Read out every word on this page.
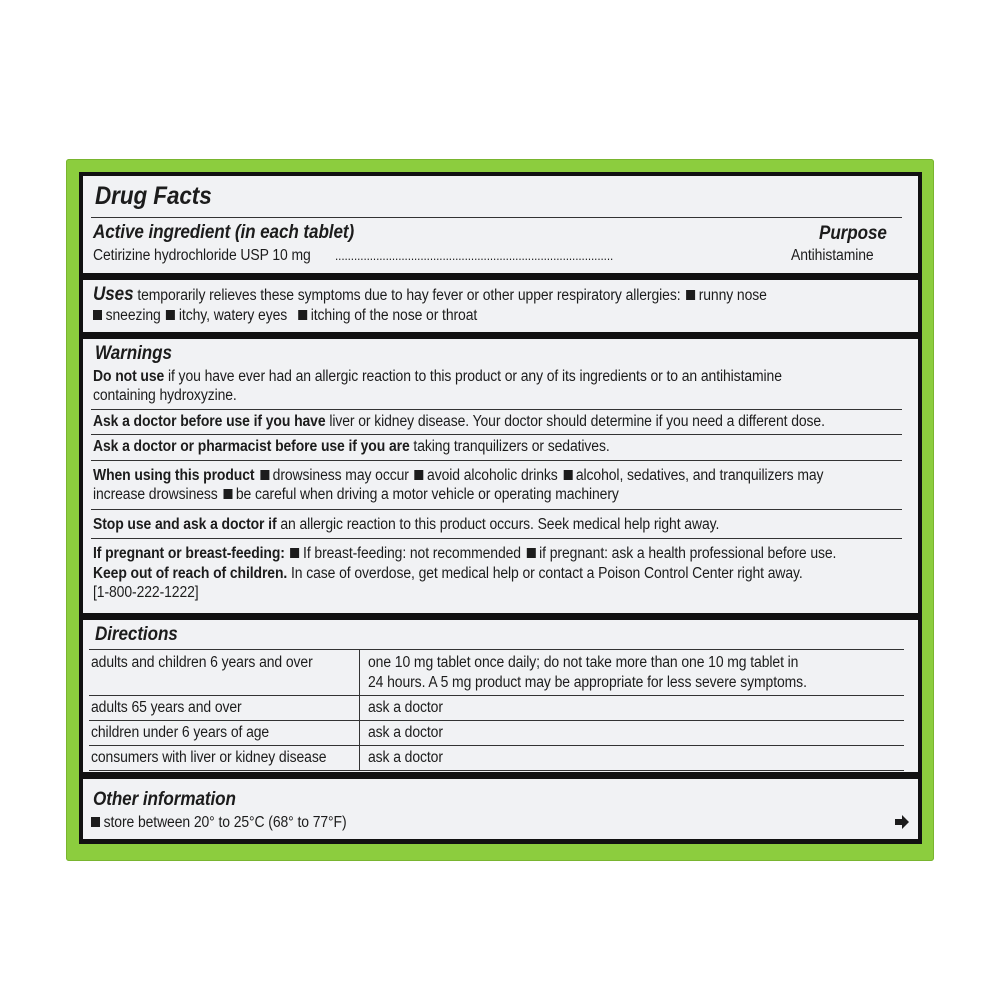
Drug Facts
Active ingredient (in each tablet)	Purpose
Cetirizine hydrochloride USP 10 mg ........................................................................................	Antihistamine
Uses temporarily relieves these symptoms due to hay fever or other upper respiratory allergies: runny nose
sneezing itchy, watery eyes itching of the nose or throat
Warnings
Do not use if you have ever had an allergic reaction to this product or any of its ingredients or to an antihistamine
containing hydroxyzine.
Ask a doctor before use if you have liver or kidney disease. Your doctor should determine if you need a different dose.
Ask a doctor or pharmacist before use if you are taking tranquilizers or sedatives.
When using this product drowsiness may occur avoid alcoholic drinks alcohol, sedatives, and tranquilizers may
increase drowsiness be careful when driving a motor vehicle or operating machinery
Stop use and ask a doctor if an allergic reaction to this product occurs. Seek medical help right away.
If pregnant or breast-feeding: If breast-feeding: not recommended if pregnant: ask a health professional before use.
Keep out of reach of children. In case of overdose, get medical help or contact a Poison Control Center right away.
[1-800-222-1222]
Directions
adults and children 6 years and over	one 10 mg tablet once daily; do not take more than one 10 mg tablet in
24 hours. A 5 mg product may be appropriate for less severe symptoms.
adults 65 years and over	ask a doctor
children under 6 years of age	ask a doctor
consumers with liver or kidney disease	ask a doctor
Other information
store between 20° to 25°C (68° to 77°F)
